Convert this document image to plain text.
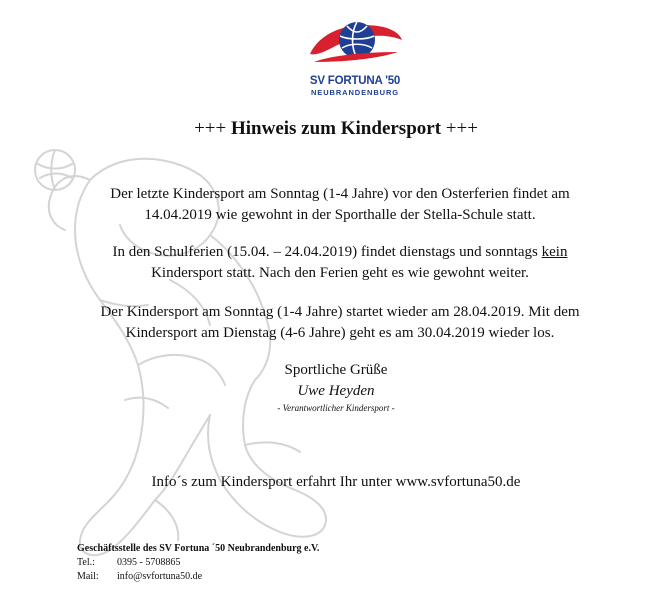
SV FORTUNA '50
NEUBRANDENBURG
+++ Hinweis zum Kindersport +++
Der letzte Kindersport am Sonntag (1-4 Jahre) vor den Osterferien findet am
14.04.2019 wie gewohnt in der Sporthalle der Stella-Schule statt.
In den Schulferien (15.04. – 24.04.2019) findet dienstags und sonntags kein
Kindersport statt. Nach den Ferien geht es wie gewohnt weiter.
Der Kindersport am Sonntag (1-4 Jahre) startet wieder am 28.04.2019. Mit dem
Kindersport am Dienstag (4-6 Jahre) geht es am 30.04.2019 wieder los.
Sportliche Grüße
Uwe Heyden
- Verantwortlicher Kindersport -
Info´s zum Kindersport erfahrt Ihr unter www.svfortuna50.de
Geschäftsstelle des SV Fortuna ´50 Neubrandenburg e.V.
Tel.:	0395 - 5708865
Mail:	info@svfortuna50.de
